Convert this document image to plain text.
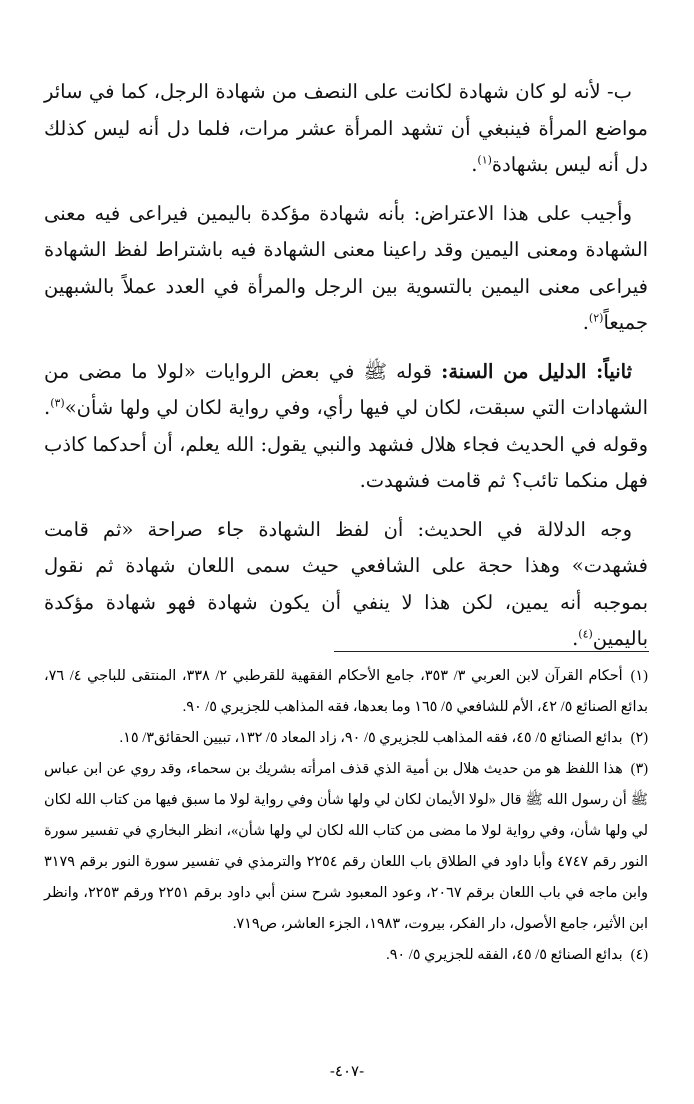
ب- لأنه لو كان شهادة لكانت على النصف من شهادة الرجل، كما في سائر مواضع المرأة فينبغي أن تشهد المرأة عشر مرات، فلما دل أنه ليس كذلك دل أنه ليس بشهادة$^{(١)}$.

وأجيب على هذا الاعتراض: بأنه شهادة مؤكدة باليمين فيراعى فيه معنى الشهادة ومعنى اليمين وقد راعينا معنى الشهادة فيه باشتراط لفظ الشهادة فيراعى معنى اليمين بالتسوية بين الرجل والمرأة في العدد عملاً بالشبهين جميعاً$^{(٢)}$.

ثانياً: الدليل من السنة: قوله ﷺ في بعض الروايات «لولا ما مضى من الشهادات التي سبقت، لكان لي فيها رأي، وفي رواية لكان لي ولها شأن»$^{(٣)}$. وقوله في الحديث فجاء هلال فشهد والنبي يقول: الله يعلم، أن أحدكما كاذب فهل منكما تائب؟ ثم قامت فشهدت.

وجه الدلالة في الحديث: أن لفظ الشهادة جاء صراحة «ثم قامت فشهدت» وهذا حجة على الشافعي حيث سمى اللعان شهادة ثم نقول بموجبه أنه يمين، لكن هذا لا ينفي أن يكون شهادة فهو شهادة مؤكدة باليمين$^{(٤)}$.

(١)أحكام القرآن لابن العربي ٣/ ٣٥٣، جامع الأحكام الفقهية للقرطبي ٢/ ٣٣٨، المنتقى للباجي ٤/ ٧٦، بدائع الصنائع ٥/ ٤٢، الأم للشافعي ٥/ ١٦٥ وما بعدها، فقه المذاهب للجزيري ٥/ ٩٠.

(٢)بدائع الصنائع ٥/ ٤٥، فقه المذاهب للجزيري ٥/ ٩٠، زاد المعاد ٥/ ١٣٢، تبيين الحقائق٣/ ١٥.

(٣)هذا اللفظ هو من حديث هلال بن أمية الذي قذف امرأته بشريك بن سحماء، وقد روي عن ابن عباس ﷺ أن رسول الله ﷺ قال «لولا الأيمان لكان لي ولها شأن وفي رواية لولا ما سبق فيها من كتاب الله لكان لي ولها شأن، وفي رواية لولا ما مضى من كتاب الله لكان لي ولها شأن»، انظر البخاري في تفسير سورة النور رقم ٤٧٤٧ وأبا داود في الطلاق باب اللعان رقم ٢٢٥٤ والترمذي في تفسير سورة النور برقم ٣١٧٩ وابن ماجه في باب اللعان برقم ٢٠٦٧، وعود المعبود شرح سنن أبي داود برقم ٢٢٥١ ورقم ٢٢٥٣، وانظر ابن الأثير، جامع الأصول، دار الفكر، بيروت، ١٩٨٣، الجزء العاشر، ص٧١٩.

(٤)بدائع الصنائع ٥/ ٤٥، الفقه للجزيري ٥/ ٩٠.

-٤٠٧-
